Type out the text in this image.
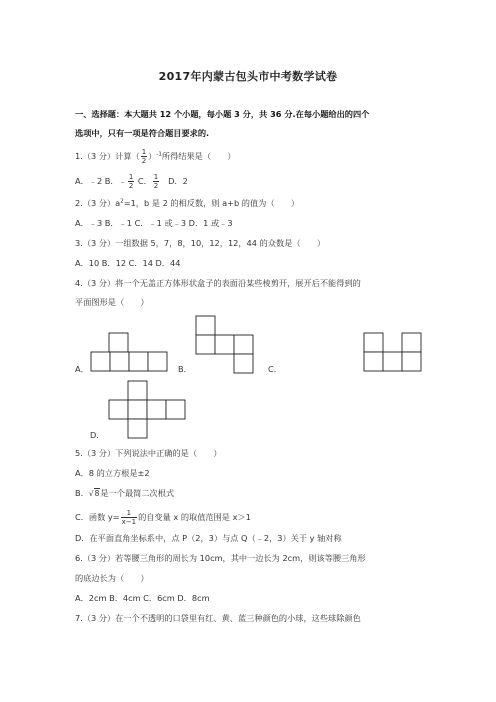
2017年内蒙古包头市中考数学试卷
一、选择题：本大题共 12 个小题，每小题 3 分，共 36 分.在每小题给出的四个
选项中，只有一项是符合题目要求的.
1.（3 分）计算（ $\frac{1}{2} )^{-1}$所得结果是（　　）
A．﹣2 B．﹣ $\frac{1}{2}$ C． $\frac{1}{2}$ D．2
2.（3 分）$a^2=1$，b 是 2 的相反数，则 a+b 的值为（　　）
A．﹣3 B．﹣1 C．﹣1 或﹣3 D．1 或﹣3
3.（3 分）一组数据 5，7，8，10，12，12，44 的众数是（　　）
A．10 B．12 C．14 D．44
4.（3 分）将一个无盖正方体形状盒子的表面沿某些棱剪开，展开后不能得到的
平面图形是（　　）
A．	B．	C．
D．
5.（3 分）下列说法中正确的是（　　）
A．8 的立方根是±2
B．√8是一个最简二次根式
C．函数 $y= \frac{1}{x-1}$ 的自变量 x 的取值范围是 x＞1
D．在平面直角坐标系中，点 P（2，3）与点 Q（﹣2，3）关于 y 轴对称
6.（3 分）若等腰三角形的周长为 10cm，其中一边长为 2cm，则该等腰三角形
的底边长为（　　）
A．2cm B．4cm C．6cm D．8cm
7.（3 分）在一个不透明的口袋里有红、黄、蓝三种颜色的小球，这些球除颜色
